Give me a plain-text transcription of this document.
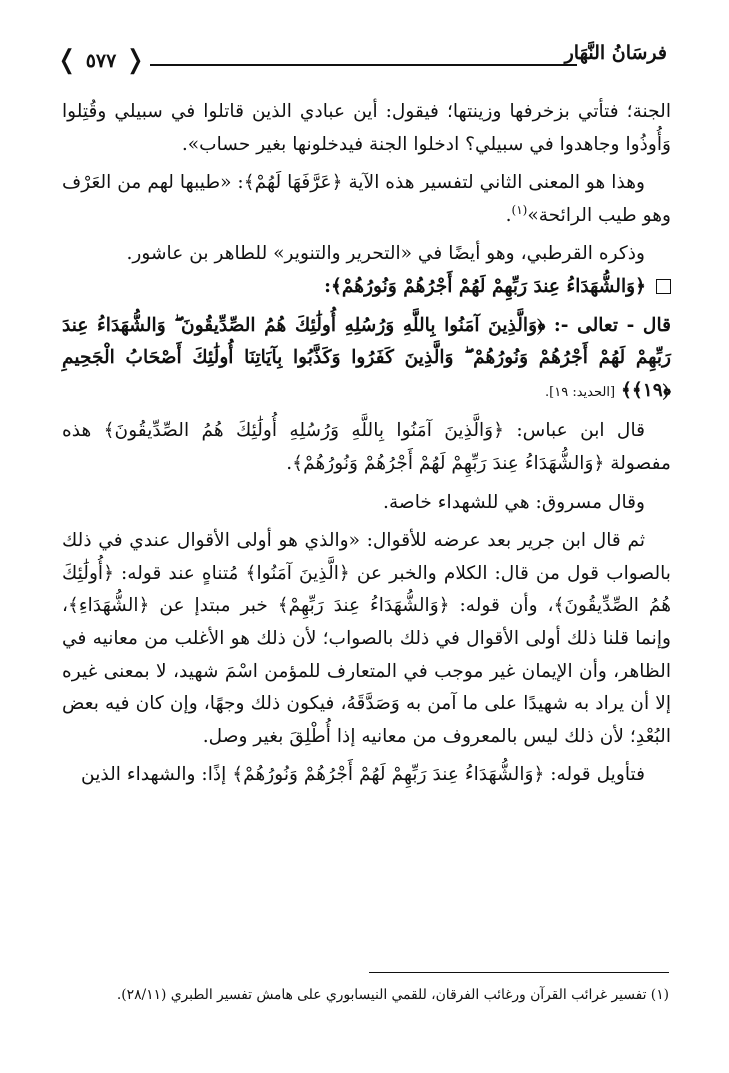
فرسَانُ النَّهَار
❬ ٥٧٧ ❭

الجنة؛ فتأتي بزخرفها وزينتها؛ فيقول: أين عبادي الذين قاتلوا في سبيلي وقُتِلوا وَأُوذُوا وجاهدوا في سبيلي؟ ادخلوا الجنة فيدخلونها بغير حساب».

وهذا هو المعنى الثاني لتفسير هذه الآية ﴿عَرَّفَهَا لَهُمْ﴾: «طيبها لهم من العَرْف وهو طيب الرائحة»$^{(١)}$.

وذكره القرطبي، وهو أيضًا في «التحرير والتنوير» للطاهر بن عاشور.

﴿وَالشُّهَدَاءُ عِندَ رَبِّهِمْ لَهُمْ أَجْرُهُمْ وَنُورُهُمْ﴾:

قال - تعالى -: ﴿وَالَّذِينَ آمَنُوا بِاللَّهِ وَرُسُلِهِ أُولَٰئِكَ هُمُ الصِّدِّيقُونَ ۖ وَالشُّهَدَاءُ عِندَ رَبِّهِمْ لَهُمْ أَجْرُهُمْ وَنُورُهُمْ ۖ وَالَّذِينَ كَفَرُوا وَكَذَّبُوا بِآيَاتِنَا أُولَٰئِكَ أَصْحَابُ الْجَحِيمِ ﴿١٩﴾﴾ [الحديد: ١٩].

قال ابن عباس: ﴿وَالَّذِينَ آمَنُوا بِاللَّهِ وَرُسُلِهِ أُولَٰئِكَ هُمُ الصِّدِّيقُونَ﴾ هذه مفصولة ﴿وَالشُّهَدَاءُ عِندَ رَبِّهِمْ لَهُمْ أَجْرُهُمْ وَنُورُهُمْ﴾.

وقال مسروق: هي للشهداء خاصة.

ثم قال ابن جرير بعد عرضه للأقوال: «والذي هو أولى الأقوال عندي في ذلك بالصواب قول من قال: الكلام والخبر عن ﴿الَّذِينَ آمَنُوا﴾ مُتناهٍ عند قوله: ﴿أُولَٰئِكَ هُمُ الصِّدِّيقُونَ﴾، وأن قوله: ﴿وَالشُّهَدَاءُ عِندَ رَبِّهِمْ﴾ خبر مبتدإ عن ﴿الشُّهَدَاءِ﴾، وإنما قلنا ذلك أولى الأقوال في ذلك بالصواب؛ لأن ذلك هو الأغلب من معانيه في الظاهر، وأن الإيمان غير موجب في المتعارف للمؤمن اسْمَ شهيد، لا بمعنى غيره إلا أن يراد به شهيدًا على ما آمن به وَصَدَّقَهُ، فيكون ذلك وجهًا، وإن كان فيه بعض البُعْدِ؛ لأن ذلك ليس بالمعروف من معانيه إذا أُطْلِقَ بغير وصل.

فتأويل قوله: ﴿وَالشُّهَدَاءُ عِندَ رَبِّهِمْ لَهُمْ أَجْرُهُمْ وَنُورُهُمْ﴾ إذًا: والشهداء الذين

(١) تفسير غرائب القرآن ورغائب الفرقان، للقمي النيسابوري على هامش تفسير الطبري (٢٨/١١).
